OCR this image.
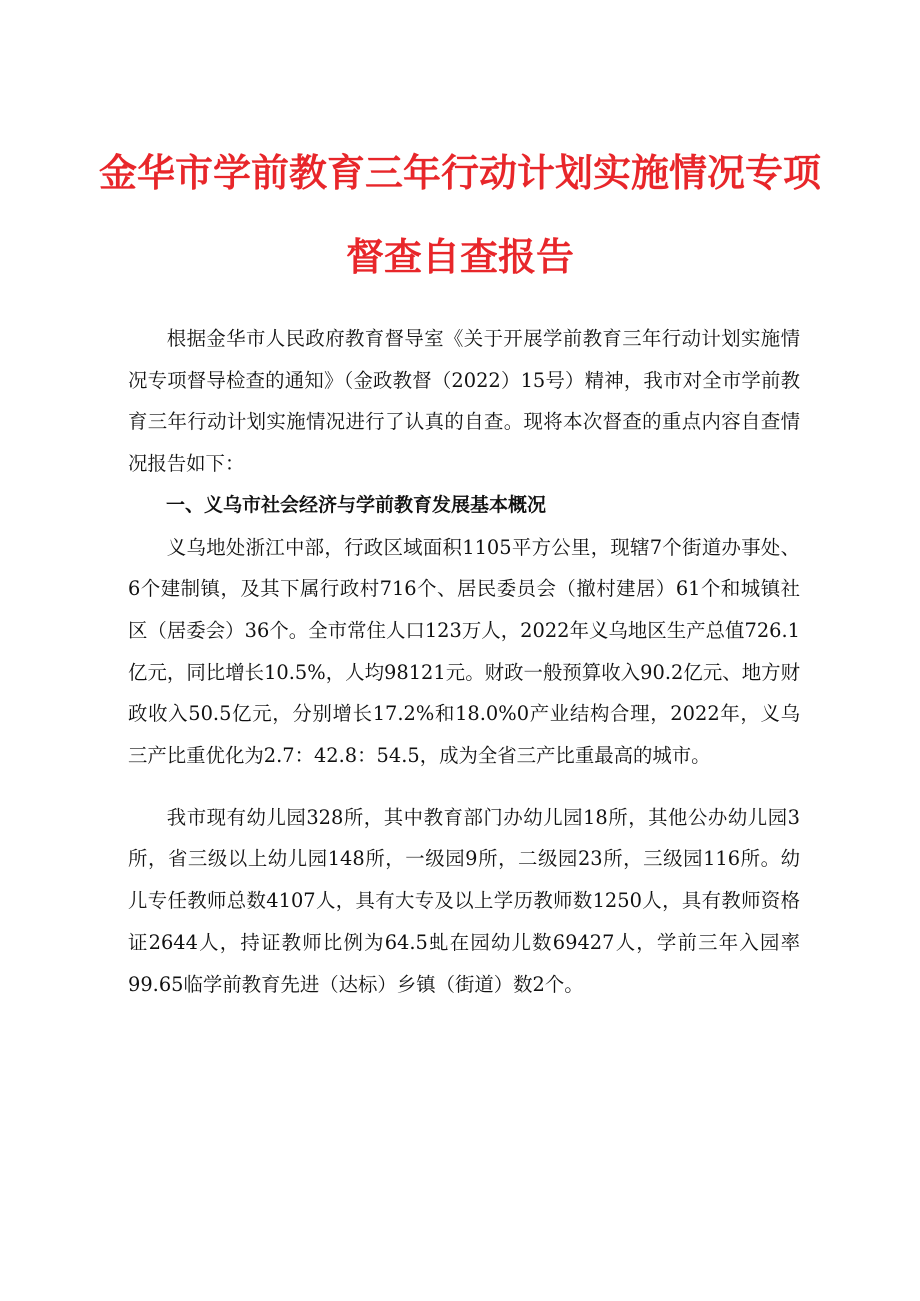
金华市学前教育三年行动计划实施情况专项
督查自查报告

根据金华市人民政府教育督导室《关于开展学前教育三年行动计划实施情况专项督导检查的通知》（金政教督（2022）15号）精神，我市对全市学前教育三年行动计划实施情况进行了认真的自查。现将本次督查的重点内容自查情况报告如下：

一、义乌市社会经济与学前教育发展基本概况

义乌地处浙江中部，行政区域面积1105平方公里，现辖7个街道办事处、6个建制镇，及其下属行政村716个、居民委员会（撤村建居）61个和城镇社区（居委会）36个。全市常住人口123万人，2022年义乌地区生产总值726.1亿元，同比增长10.5%，人均98121元。财政一般预算收入90.2亿元、地方财政收入50.5亿元，分别增长17.2%和18.0%0产业结构合理，2022年，义乌三产比重优化为2.7：42.8：54.5，成为全省三产比重最高的城市。

我市现有幼儿园328所，其中教育部门办幼儿园18所，其他公办幼儿园3所，省三级以上幼儿园148所，一级园9所，二级园23所，三级园116所。幼儿专任教师总数4107人，具有大专及以上学历教师数1250人，具有教师资格证2644人，持证教师比例为64.5虬在园幼儿数69427人，学前三年入园率99.65临学前教育先进（达标）乡镇（街道）数2个。
